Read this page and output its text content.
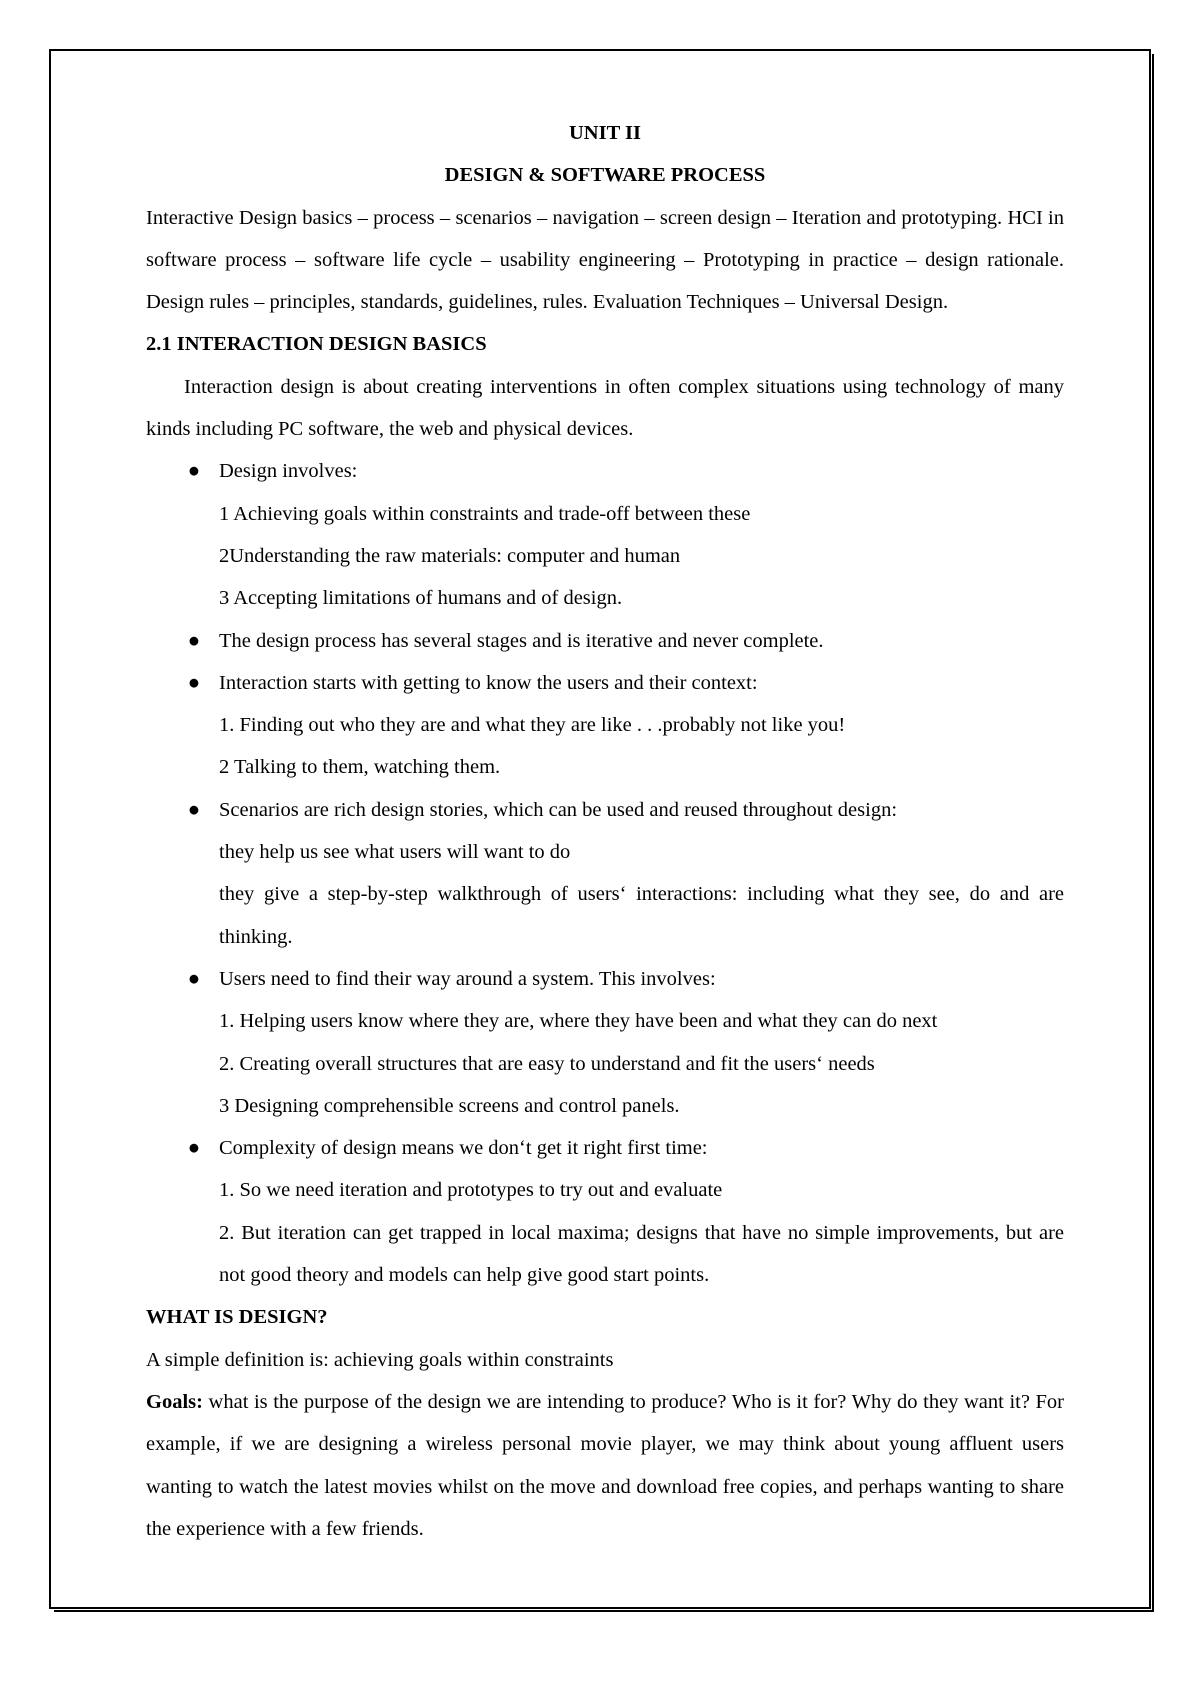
UNIT II

DESIGN & SOFTWARE PROCESS

Interactive Design basics – process – scenarios – navigation – screen design – Iteration and prototyping. HCI in software process – software life cycle – usability engineering – Prototyping in practice – design rationale. Design rules – principles, standards, guidelines, rules. Evaluation Techniques – Universal Design.

2.1 INTERACTION DESIGN BASICS

Interaction design is about creating interventions in often complex situations using technology of many kinds including PC software, the web and physical devices.

● Design involves:
1 Achieving goals within constraints and trade-off between these
2Understanding the raw materials: computer and human
3 Accepting limitations of humans and of design.
● The design process has several stages and is iterative and never complete.
● Interaction starts with getting to know the users and their context:
1. Finding out who they are and what they are like . . .probably not like you!
2 Talking to them, watching them.
● Scenarios are rich design stories, which can be used and reused throughout design:
they help us see what users will want to do
they give a step-by-step walkthrough of users‘ interactions: including what they see, do and are thinking.
● Users need to find their way around a system. This involves:
1. Helping users know where they are, where they have been and what they can do next
2. Creating overall structures that are easy to understand and fit the users‘ needs
3 Designing comprehensible screens and control panels.
● Complexity of design means we don‘t get it right first time:
1. So we need iteration and prototypes to try out and evaluate
2. But iteration can get trapped in local maxima; designs that have no simple improvements, but are not good theory and models can help give good start points.

WHAT IS DESIGN?

A simple definition is: achieving goals within constraints

Goals: what is the purpose of the design we are intending to produce? Who is it for? Why do they want it? For example, if we are designing a wireless personal movie player, we may think about young affluent users wanting to watch the latest movies whilst on the move and download free copies, and perhaps wanting to share the experience with a few friends.
